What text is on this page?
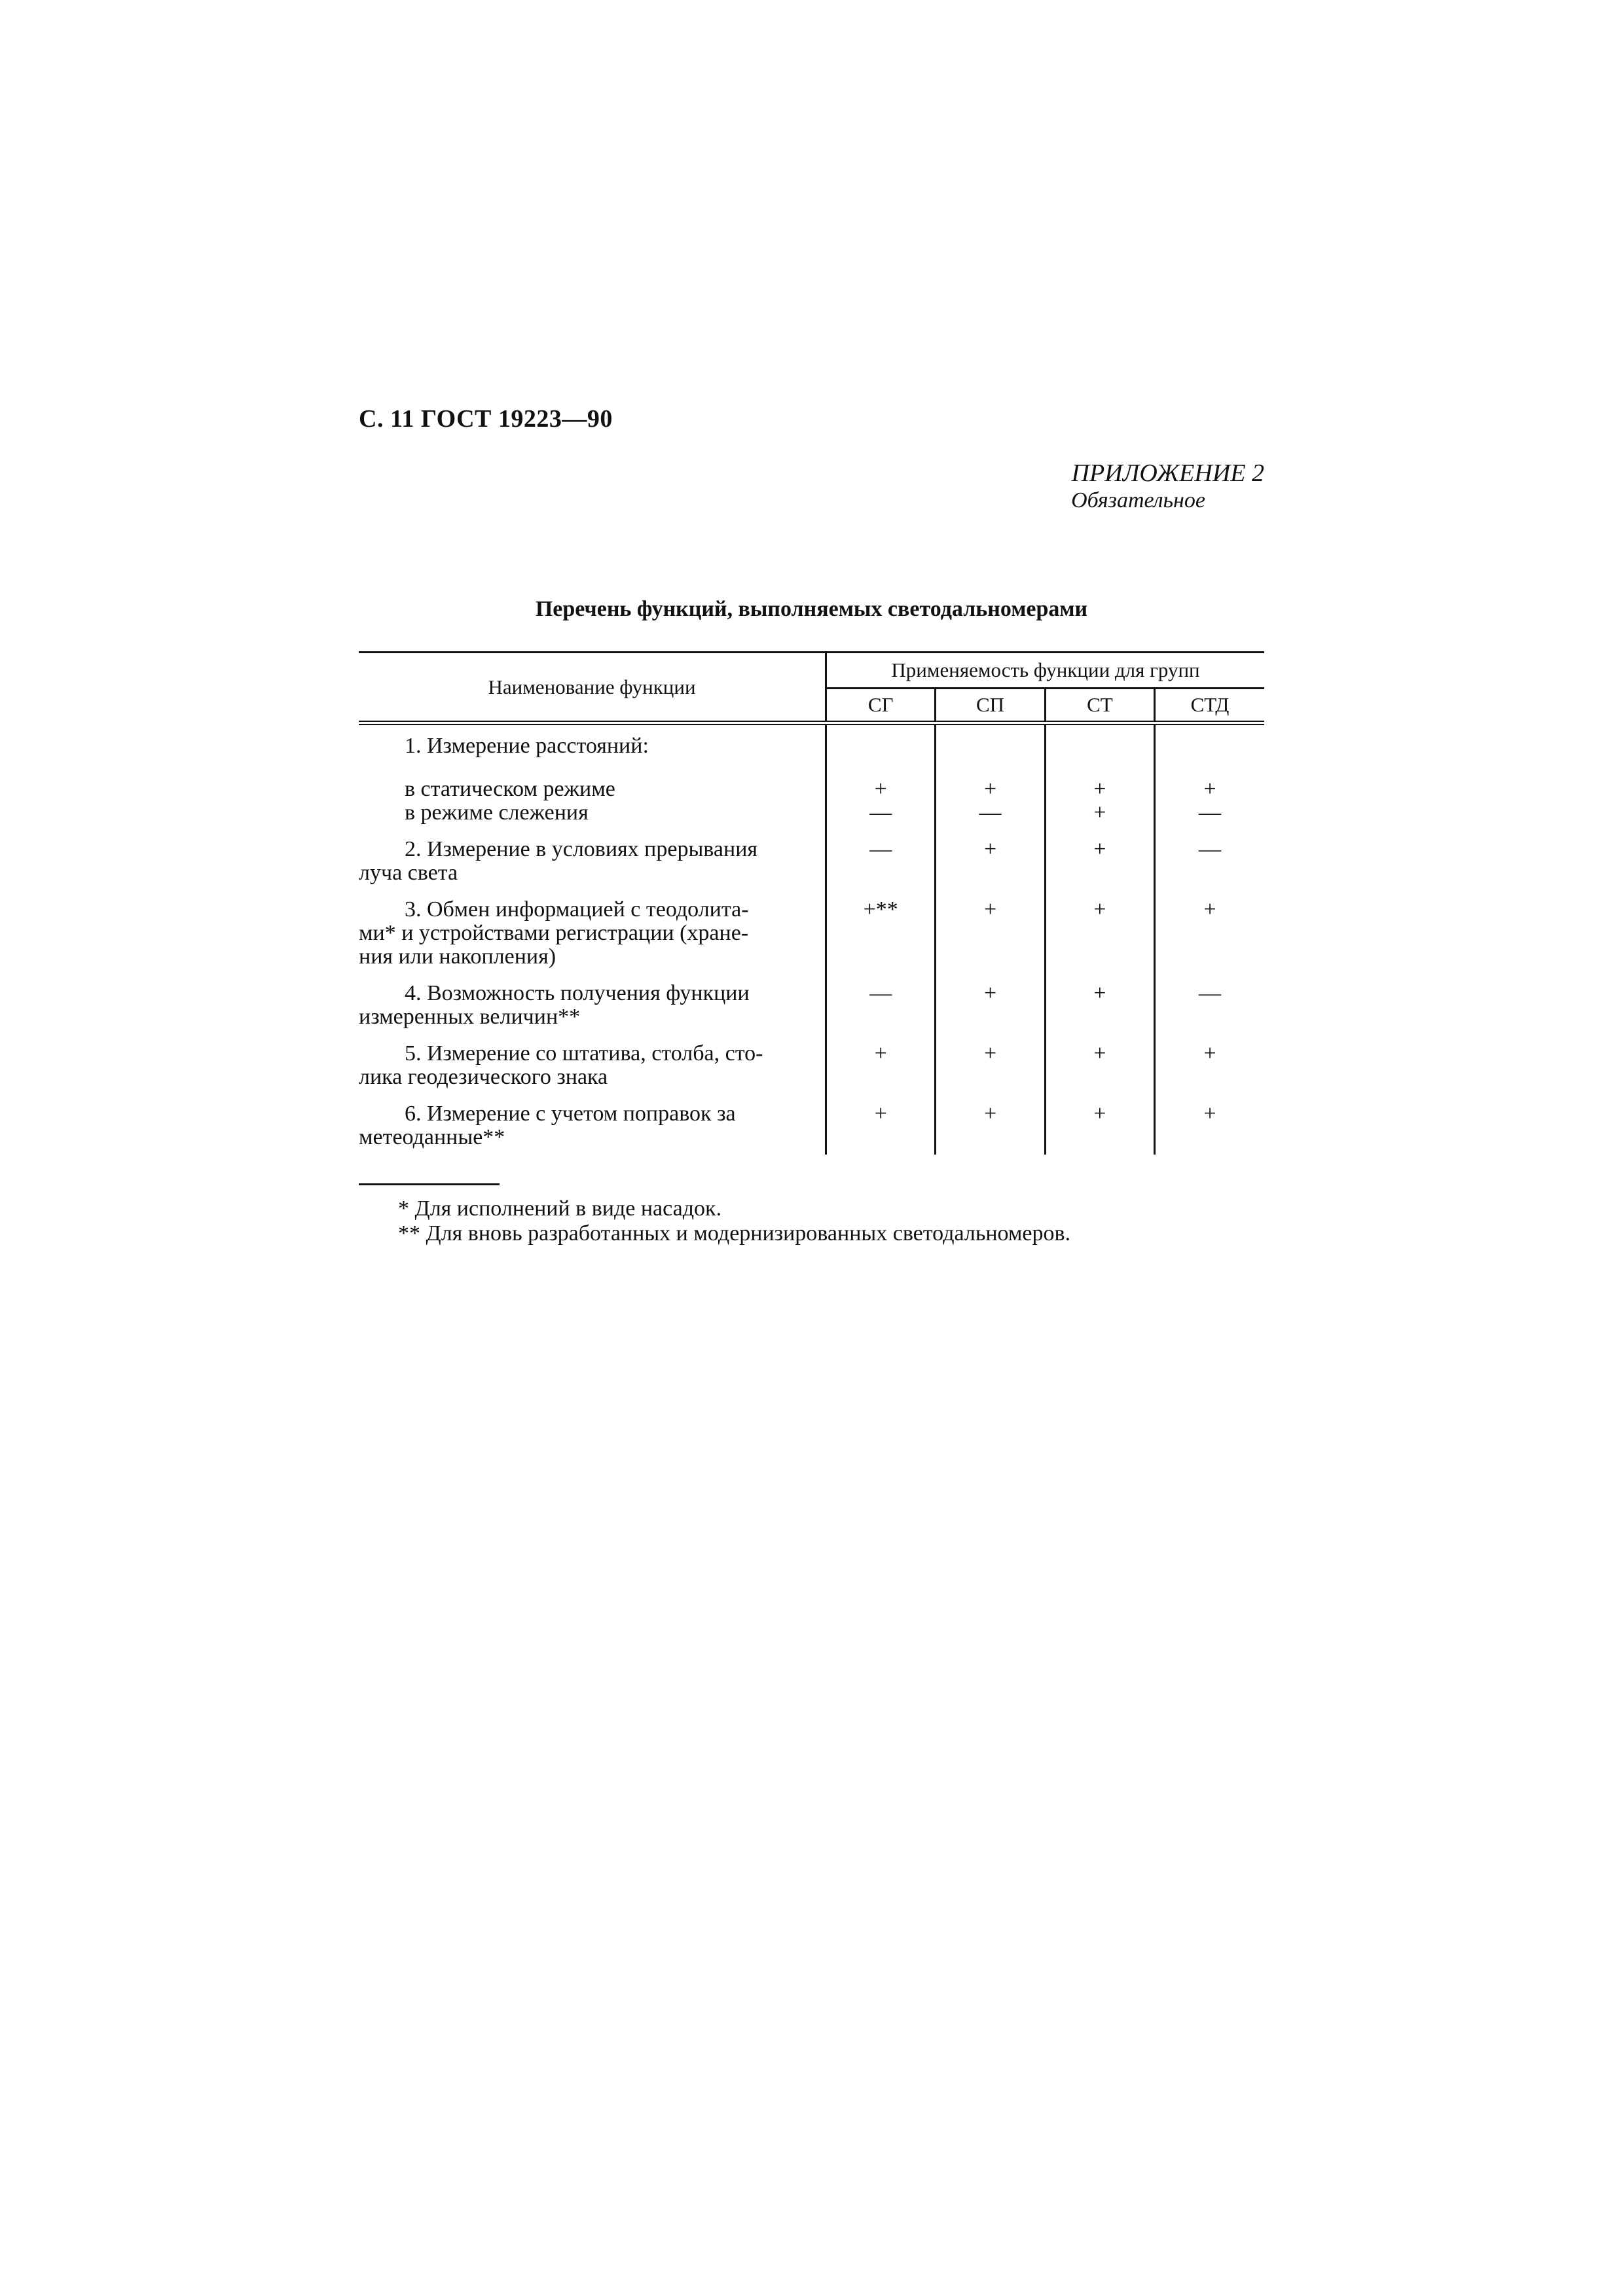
С. 11 ГОСТ 19223—90
ПРИЛОЖЕНИЕ 2
Обязательное
Перечень функций, выполняемых светодальномерами
Наименование функции	Применяемость функции для групп			
	СГ	СП	СТ	СТД

1. Измерение расстояний:				

в статическом режиме	+	+	+	+

в режиме слежения	—	—	+	—

2. Измерение в условиях прерывания
луча света	—	+	+	—

3. Обмен информацией с теодолита-
ми* и устройствами регистрации (хране-
ния или накопления)	+**	+	+	+

4. Возможность получения функции
измеренных величин**	—	+	+	—

5. Измерение со штатива, столба, сто-
лика геодезического знака	+	+	+	+

6. Измерение с учетом поправок за
метеоданные**	+	+	+	+
* Для исполнений в виде насадок.
** Для вновь разработанных и модернизированных светодальномеров.
